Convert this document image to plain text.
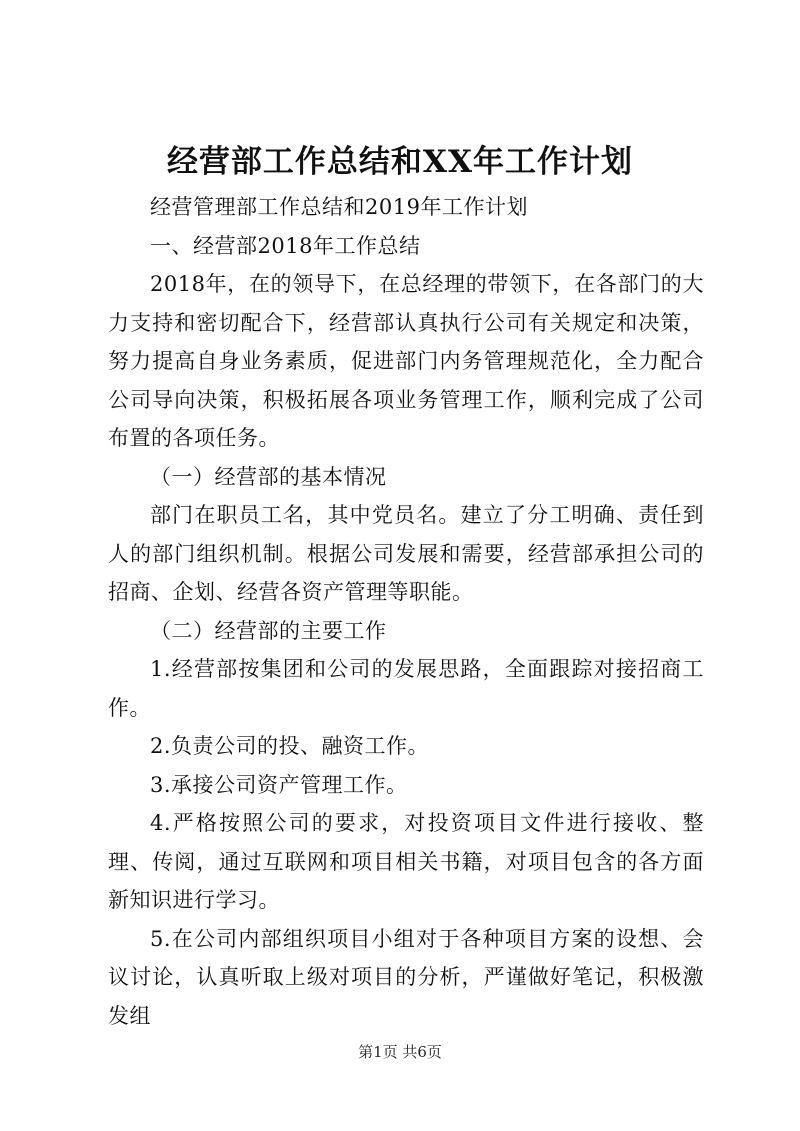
经营部工作总结和XX年工作计划

经营管理部工作总结和2019年工作计划

一、经营部2018年工作总结

2018年，在的领导下，在总经理的带领下，在各部门的大力支持和密切配合下，经营部认真执行公司有关规定和决策，努力提高自身业务素质，促进部门内务管理规范化，全力配合公司导向决策，积极拓展各项业务管理工作，顺利完成了公司布置的各项任务。

（一）经营部的基本情况

部门在职员工名，其中党员名。建立了分工明确、责任到人的部门组织机制。根据公司发展和需要，经营部承担公司的招商、企划、经营各资产管理等职能。

（二）经营部的主要工作

1.经营部按集团和公司的发展思路，全面跟踪对接招商工作。

2.负责公司的投、融资工作。

3.承接公司资产管理工作。

4.严格按照公司的要求，对投资项目文件进行接收、整理、传阅，通过互联网和项目相关书籍，对项目包含的各方面新知识进行学习。

5.在公司内部组织项目小组对于各种项目方案的设想、会议讨论，认真听取上级对项目的分析，严谨做好笔记，积极激发组

第1页 共6页
